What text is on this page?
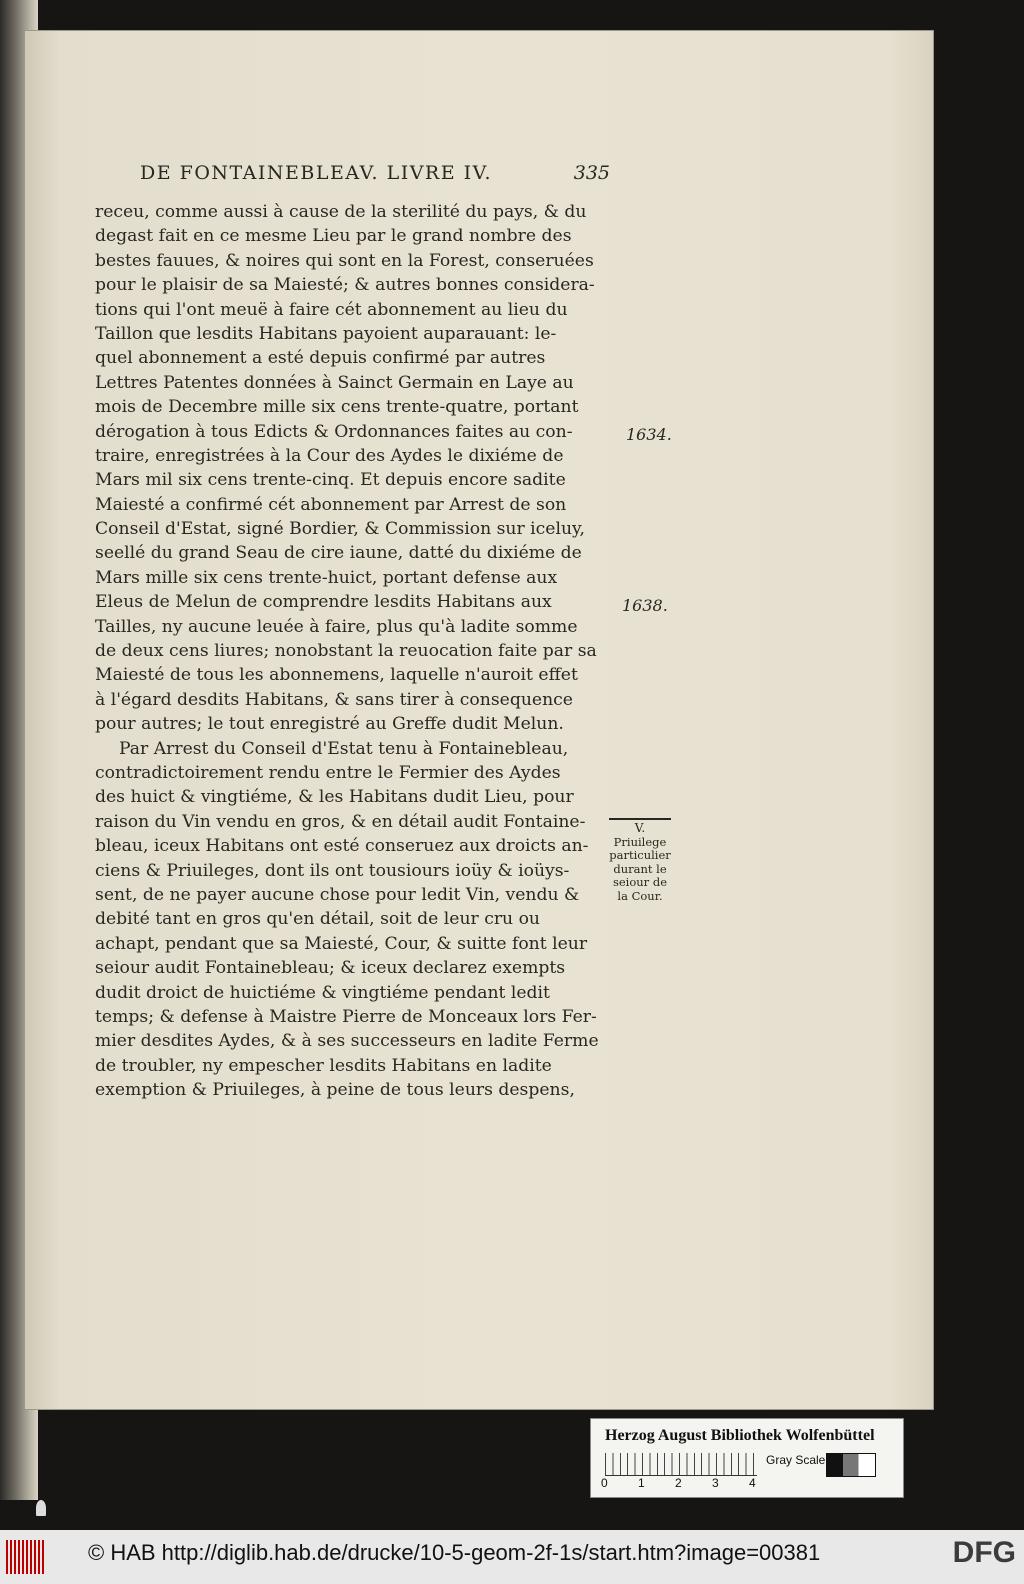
DE FONTAINEBLEAV. LIVRE IV.	335
receu, comme aussi à cause de la sterilité du pays, & du
degast fait en ce mesme Lieu par le grand nombre des
bestes fauues, & noires qui sont en la Forest, conseruées
pour le plaisir de sa Maiesté; & autres bonnes considera-
tions qui l'ont meuë à faire cét abonnement au lieu du
Taillon que lesdits Habitans payoient auparauant: le-
quel abonnement a esté depuis confirmé par autres
Lettres Patentes données à Sainct Germain en Laye au
mois de Decembre mille six cens trente-quatre, portant
dérogation à tous Edicts & Ordonnances faites au con-
traire, enregistrées à la Cour des Aydes le dixiéme de
Mars mil six cens trente-cinq. Et depuis encore sadite
Maiesté a confirmé cét abonnement par Arrest de son
Conseil d'Estat, signé Bordier, & Commission sur iceluy,
seellé du grand Seau de cire iaune, datté du dixiéme de
Mars mille six cens trente-huict, portant defense aux
Eleus de Melun de comprendre lesdits Habitans aux
Tailles, ny aucune leuée à faire, plus qu'à ladite somme
de deux cens liures; nonobstant la reuocation faite par sa
Maiesté de tous les abonnemens, laquelle n'auroit effet
à l'égard desdits Habitans, & sans tirer à consequence
pour autres; le tout enregistré au Greffe dudit Melun.
Par Arrest du Conseil d'Estat tenu à Fontainebleau,
contradictoirement rendu entre le Fermier des Aydes
des huict & vingtiéme, & les Habitans dudit Lieu, pour
raison du Vin vendu en gros, & en détail audit Fontaine-
bleau, iceux Habitans ont esté conseruez aux droicts an-
ciens & Priuileges, dont ils ont tousiours ioüy & ioüys-
sent, de ne payer aucune chose pour ledit Vin, vendu &
debité tant en gros qu'en détail, soit de leur cru ou
achapt, pendant que sa Maiesté, Cour, & suitte font leur
seiour audit Fontainebleau; & iceux declarez exempts
dudit droict de huictiéme & vingtiéme pendant ledit
temps; & defense à Maistre Pierre de Monceaux lors Fer-
mier desdites Aydes, & à ses successeurs en ladite Ferme
de troubler, ny empescher lesdits Habitans en ladite
exemption & Priuileges, à peine de tous leurs despens,
1634.
1638.
V.
Priuilege
particulier
durant le
seiour de
la Cour.
Herzog August Bibliothek Wolfenbüttel
0	1	2	3	4
Gray Scale
© HAB http://diglib.hab.de/drucke/10-5-geom-2f-1s/start.htm?image=00381	DFG
